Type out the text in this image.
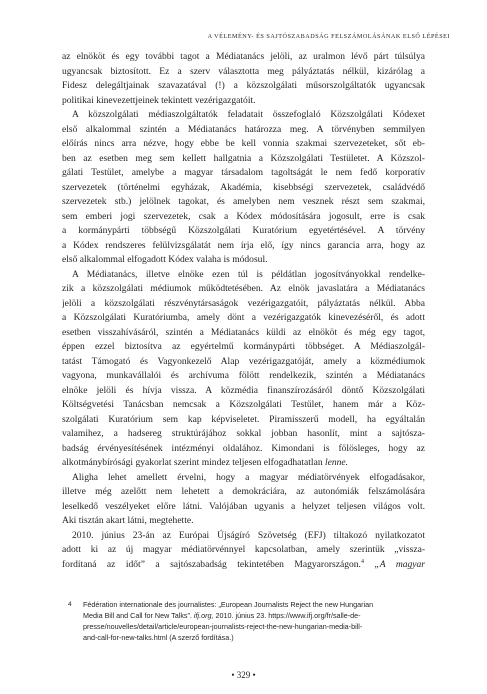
A VÉLEMÉNY- ÉS SAJTÓSZABADSÁG FELSZÁMOLÁSÁNAK ELSŐ LÉPÉSEI
az elnököt és egy további tagot a Médiatanács jelöli, az uralmon lévő párt túlsúlya
ugyancsak biztosított. Ez a szerv választotta meg pályáztatás nélkül, kizárólag a
Fidesz delegáltjainak szavazatával (!) a közszolgálati műsorszolgáltatók ugyancsak
politikai kinevezettjeinek tekintett vezérigazgatóit.
A közszolgálati médiaszolgáltatók feladatait összefoglaló Közszolgálati Kódexet
első alkalommal szintén a Médiatanács határozza meg. A törvényben semmilyen
előírás nincs arra nézve, hogy ebbe be kell vonnia szakmai szervezeteket, sőt eb-
ben az esetben meg sem kellett hallgatnia a Közszolgálati Testületet. A Közszol-
gálati Testület, amelybe a magyar társadalom tagoltságát le nem fedő korporatív
szervezetek (történelmi egyházak, Akadémia, kisebbségi szervezetek, családvédő
szervezetek stb.) jelölnek tagokat, és amelyben nem vesznek részt sem szakmai,
sem emberi jogi szervezetek, csak a Kódex módosítására jogosult, erre is csak
a kormánypárti többségű Közszolgálati Kuratórium egyetértésével. A törvény
a Kódex rendszeres felülvizsgálatát nem írja elő, így nincs garancia arra, hogy az
első alkalommal elfogadott Kódex valaha is módosul.
A Médiatanács, illetve elnöke ezen túl is példátlan jogosítványokkal rendelke-
zik a közszolgálati médiumok működtetésében. Az elnök javaslatára a Médiatanács
jelöli a közszolgálati részvénytársaságok vezérigazgatóit, pályáztatás nélkül. Abba
a Közszolgálati Kuratóriumba, amely dönt a vezérigazgatók kinevezéséről, és adott
esetben visszahívásáról, szintén a Médiatanács küldi az elnököt és még egy tagot,
éppen ezzel biztosítva az egyértelmű kormánypárti többséget. A Médiaszolgál-
tatást Támogató és Vagyonkezelő Alap vezérigazgatóját, amely a közmédiumok
vagyona, munkavállalói és archívuma fölött rendelkezik, szintén a Médiatanács
elnöke jelöli és hívja vissza. A közmédia finanszírozásáról döntő Közszolgálati
Költségvetési Tanácsban nemcsak a Közszolgálati Testület, hanem már a Köz-
szolgálati Kuratórium sem kap képviseletet. Piramisszerű modell, ha egyáltalán
valamihez, a hadsereg struktúrájához sokkal jobban hasonlít, mint a sajtósza-
badság érvényesítésének intézményi oldalához. Kimondani is fölösleges, hogy az
alkotmánybírósági gyakorlat szerint mindez teljesen elfogadhatatlan lenne.
Aligha lehet amellett érvelni, hogy a magyar médiatörvények elfogadásakor,
illetve még azelőtt nem lehetett a demokráciára, az autonómiák felszámolására
leselkedő veszélyeket előre látni. Valójában ugyanis a helyzet teljesen világos volt.
Aki tisztán akart látni, megtehette.
2010. június 23-án az Európai Újságíró Szövetség (EFJ) tiltakozó nyilatkozatot
adott ki az új magyar médiatörvénnyel kapcsolatban, amely szerintük „vissza-
fordítaná az időt” a sajtószabadság tekintetében Magyarországon.$^4$ „A magyar
4	Fédération internationale des journalistes: „European Journalists Reject the new Hungarian
Media Bill and Call for New Talks”. ifj.org, 2010. június 23. https://www.ifj.org/fr/salle-de-
presse/nouvelles/detail/article/european-journalists-reject-the-new-hungarian-media-bill-
and-call-for-new-talks.html (A szerző fordítása.)
• 329 •
